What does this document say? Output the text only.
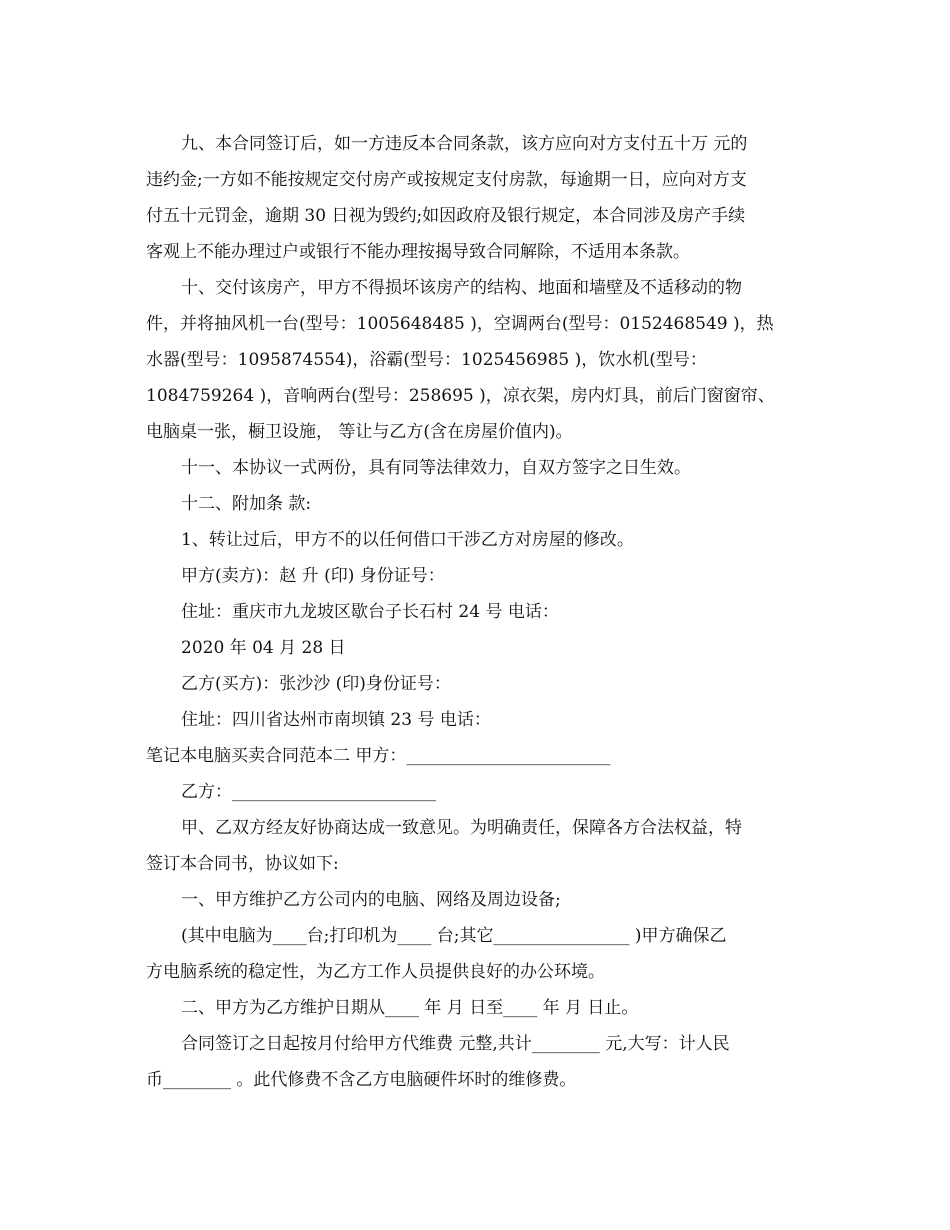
九、本合同签订后，如一方违反本合同条款，该方应向对方支付五十万 元的
违约金;一方如不能按规定交付房产或按规定支付房款，每逾期一日，应向对方支
付五十元罚金，逾期 30 日视为毁约;如因政府及银行规定，本合同涉及房产手续
客观上不能办理过户或银行不能办理按揭导致合同解除，不适用本条款。
十、交付该房产，甲方不得损坏该房产的结构、地面和墙壁及不适移动的物
件，并将抽风机一台(型号：1005648485 )，空调两台(型号：0152468549 )，热
水器(型号：1095874554)，浴霸(型号：1025456985 )，饮水机(型号：
1084759264 )，音响两台(型号：258695 )，凉衣架，房内灯具，前后门窗窗帘、
电脑桌一张，橱卫设施， 等让与乙方(含在房屋价值内)。
十一、本协议一式两份，具有同等法律效力，自双方签字之日生效。
十二、附加条 款:
1、转让过后，甲方不的以任何借口干涉乙方对房屋的修改。
甲方(卖方)：赵 升 (印) 身份证号：
住址：重庆市九龙坡区歇台子长石村 24 号 电话：
2020 年 04 月 28 日
乙方(买方)：张沙沙 (印)身份证号：
住址：四川省达州市南坝镇 23 号 电话：
笔记本电脑买卖合同范本二 甲方：________________________
乙方：________________________
甲、乙双方经友好协商达成一致意见。为明确责任，保障各方合法权益，特
签订本合同书，协议如下:
一、甲方维护乙方公司内的电脑、网络及周边设备;
(其中电脑为____台;打印机为____ 台;其它________________ )甲方确保乙
方电脑系统的稳定性，为乙方工作人员提供良好的办公环境。
二、甲方为乙方维护日期从____ 年 月 日至____ 年 月 日止。
合同签订之日起按月付给甲方代维费 元整,共计________ 元,大写：计人民
币________ 。此代修费不含乙方电脑硬件坏时的维修费。
